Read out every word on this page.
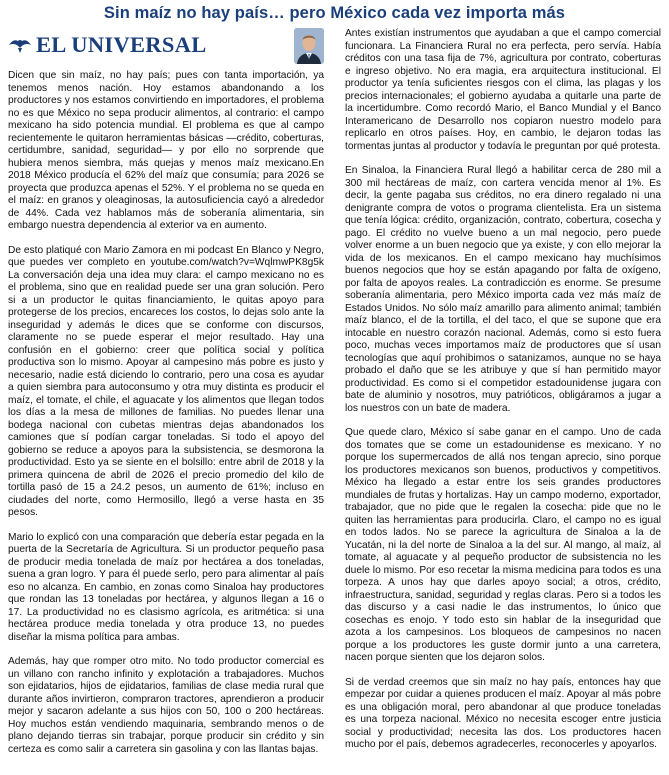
Sin maíz no hay país… pero México cada vez importa más
EL UNIVERSAL

Dicen que sin maíz, no hay país; pues con tanta importación, ya tenemos menos nación. Hoy estamos abandonando a los productores y nos estamos convirtiendo en importadores, el problema no es que México no sepa producir alimentos, al contrario: el campo mexicano ha sido potencia mundial. El problema es que al campo recientemente le quitaron herramientas básicas —crédito, coberturas, certidumbre, sanidad, seguridad— y por ello no sorprende que hubiera menos siembra, más quejas y menos maíz mexicano.En 2018 México producía el 62% del maíz que consumía; para 2026 se proyecta que produzca apenas el 52%. Y el problema no se queda en el maíz: en granos y oleaginosas, la autosuficiencia cayó a alrededor de 44%. Cada vez hablamos más de soberanía alimentaria, sin embargo nuestra dependencia al exterior va en aumento.

De esto platiqué con Mario Zamora en mi podcast En Blanco y Negro, que puedes ver completo en youtube.com/watch?v=WqlmwPK8g5k La conversación deja una idea muy clara: el campo mexicano no es el problema, sino que en realidad puede ser una gran solución. Pero si a un productor le quitas financiamiento, le quitas apoyo para protegerse de los precios, encareces los costos, lo dejas solo ante la inseguridad y además le dices que se conforme con discursos, claramente no se puede esperar el mejor resultado. Hay una confusión en el gobierno: creer que política social y política productiva son lo mismo. Apoyar al campesino más pobre es justo y necesario, nadie está diciendo lo contrario, pero una cosa es ayudar a quien siembra para autoconsumo y otra muy distinta es producir el maíz, el tomate, el chile, el aguacate y los alimentos que llegan todos los días a la mesa de millones de familias. No puedes llenar una bodega nacional con cubetas mientras dejas abandonados los camiones que sí podían cargar toneladas. Si todo el apoyo del gobierno se reduce a apoyos para la subsistencia, se desmorona la productividad. Esto ya se siente en el bolsillo: entre abril de 2018 y la primera quincena de abril de 2026 el precio promedio del kilo de tortilla pasó de 15 a 24.2 pesos, un aumento de 61%; incluso en ciudades del norte, como Hermosillo, llegó a verse hasta en 35 pesos.

Mario lo explicó con una comparación que debería estar pegada en la puerta de la Secretaría de Agricultura. Si un productor pequeño pasa de producir media tonelada de maíz por hectárea a dos toneladas, suena a gran logro. Y para él puede serlo, pero para alimentar al país eso no alcanza. En cambio, en zonas como Sinaloa hay productores que rondan las 13 toneladas por hectárea, y algunos llegan a 16 o 17. La productividad no es clasismo agrícola, es aritmética: si una hectárea produce media tonelada y otra produce 13, no puedes diseñar la misma política para ambas.

Además, hay que romper otro mito. No todo productor comercial es un villano con rancho infinito y explotación a trabajadores. Muchos son ejidatarios, hijos de ejidatarios, familias de clase media rural que durante años invirtieron, compraron tractores, aprendieron a producir mejor y sacaron adelante a sus hijos con 50, 100 o 200 hectáreas. Hoy muchos están vendiendo maquinaria, sembrando menos o de plano dejando tierras sin trabajar, porque producir sin crédito y sin certeza es como salir a carretera sin gasolina y con las llantas bajas.

Antes existían instrumentos que ayudaban a que el campo comercial funcionara. La Financiera Rural no era perfecta, pero servía. Había créditos con una tasa fija de 7%, agricultura por contrato, coberturas e ingreso objetivo. No era magia, era arquitectura institucional. El productor ya tenía suficientes riesgos con el clima, las plagas y los precios internacionales; el gobierno ayudaba a quitarle una parte de la incertidumbre. Como recordó Mario, el Banco Mundial y el Banco Interamericano de Desarrollo nos copiaron nuestro modelo para replicarlo en otros países. Hoy, en cambio, le dejaron todas las tormentas juntas al productor y todavía le preguntan por qué protesta.

En Sinaloa, la Financiera Rural llegó a habilitar cerca de 280 mil a 300 mil hectáreas de maíz, con cartera vencida menor al 1%. Es decir, la gente pagaba sus créditos, no era dinero regalado ni una denigrante compra de votos o programa clientelista. Era un sistema que tenía lógica: crédito, organización, contrato, cobertura, cosecha y pago. El crédito no vuelve bueno a un mal negocio, pero puede volver enorme a un buen negocio que ya existe, y con ello mejorar la vida de los mexicanos. En el campo mexicano hay muchísimos buenos negocios que hoy se están apagando por falta de oxígeno, por falta de apoyos reales. La contradicción es enorme. Se presume soberanía alimentaria, pero México importa cada vez más maíz de Estados Unidos. No sólo maíz amarillo para alimento animal; también maíz blanco, el de la tortilla, el del taco, el que se supone que era intocable en nuestro corazón nacional. Además, como si esto fuera poco, muchas veces importamos maíz de productores que sí usan tecnologías que aquí prohibimos o satanizamos, aunque no se haya probado el daño que se les atribuye y que sí han permitido mayor productividad. Es como si el competidor estadounidense jugara con bate de aluminio y nosotros, muy patrióticos, obligáramos a jugar a los nuestros con un bate de madera.

Que quede claro, México sí sabe ganar en el campo. Uno de cada dos tomates que se come un estadounidense es mexicano. Y no porque los supermercados de allá nos tengan aprecio, sino porque los productores mexicanos son buenos, productivos y competitivos. México ha llegado a estar entre los seis grandes productores mundiales de frutas y hortalizas. Hay un campo moderno, exportador, trabajador, que no pide que le regalen la cosecha: pide que no le quiten las herramientas para producirla. Claro, el campo no es igual en todos lados. No se parece la agricultura de Sinaloa a la de Yucatán, ni la del norte de Sinaloa a la del sur. Al mango, al maíz, al tomate, al aguacate y al pequeño productor de subsistencia no les duele lo mismo. Por eso recetar la misma medicina para todos es una torpeza. A unos hay que darles apoyo social; a otros, crédito, infraestructura, sanidad, seguridad y reglas claras. Pero si a todos les das discurso y a casi nadie le das instrumentos, lo único que cosechas es enojo. Y todo esto sin hablar de la inseguridad que azota a los campesinos. Los bloqueos de campesinos no nacen porque a los productores les guste dormir junto a una carretera, nacen porque sienten que los dejaron solos.

Si de verdad creemos que sin maíz no hay país, entonces hay que empezar por cuidar a quienes producen el maíz. Apoyar al más pobre es una obligación moral, pero abandonar al que produce toneladas es una torpeza nacional. México no necesita escoger entre justicia social y productividad; necesita las dos. Los productores hacen mucho por el país, debemos agradecerles, reconocerles y apoyarlos.
